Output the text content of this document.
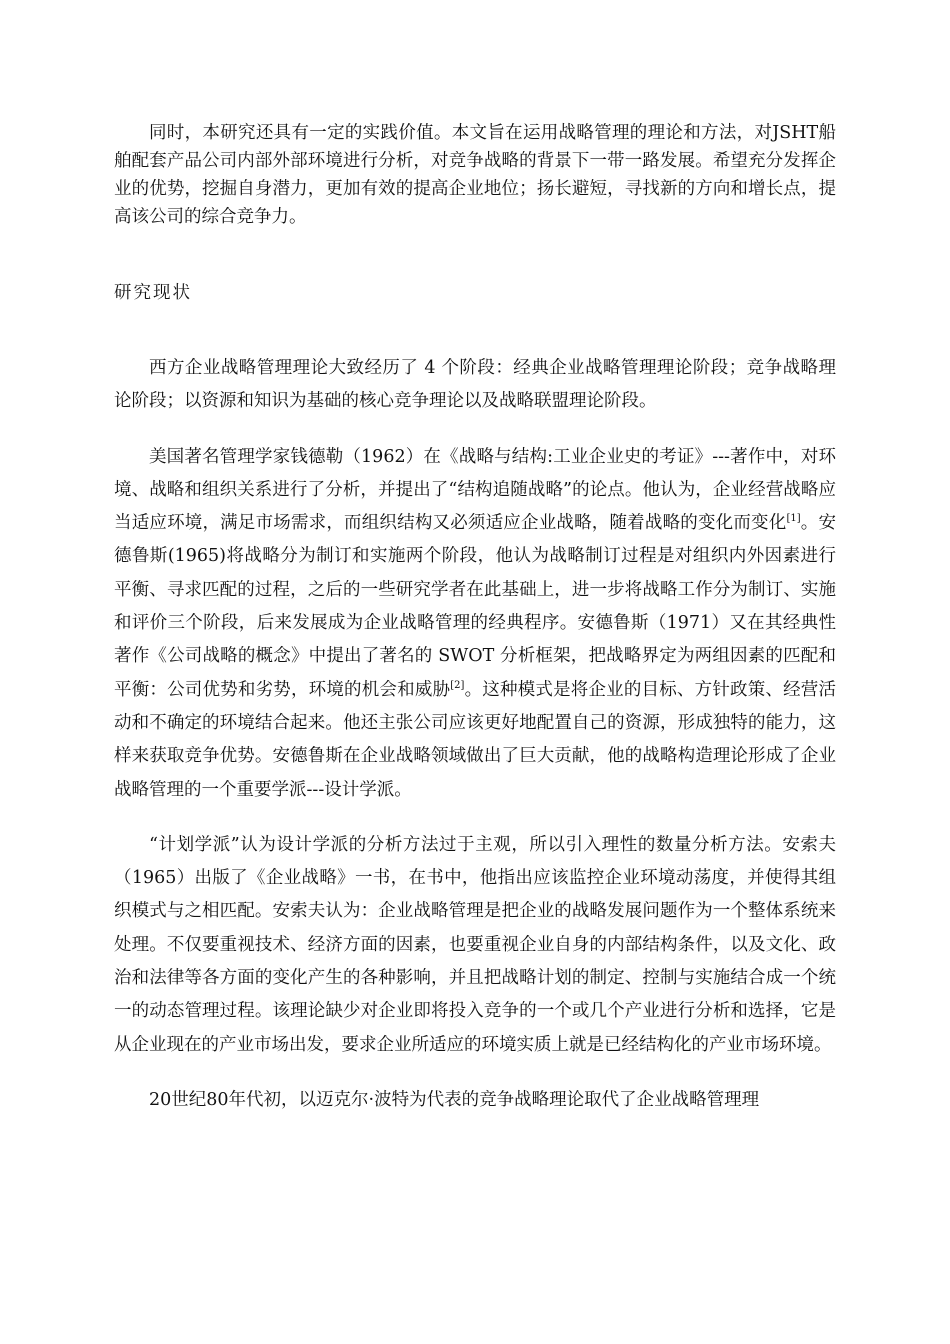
同时，本研究还具有一定的实践价值。本文旨在运用战略管理的理论和方法，对JSHT船舶配套产品公司内部外部环境进行分析，对竞争战略的背景下一带一路发展。希望充分发挥企业的优势，挖掘自身潜力，更加有效的提高企业地位；扬长避短，寻找新的方向和增长点，提高该公司的综合竞争力。

研究现状

西方企业战略管理理论大致经历了 4 个阶段：经典企业战略管理理论阶段；竞争战略理论阶段；以资源和知识为基础的核心竞争理论以及战略联盟理论阶段。

美国著名管理学家钱德勒（1962）在《战略与结构:工业企业史的考证》---著作中，对环境、战略和组织关系进行了分析，并提出了“结构追随战略”的论点。他认为，企业经营战略应当适应环境，满足市场需求，而组织结构又必须适应企业战略，随着战略的变化而变化[1]。安德鲁斯(1965)将战略分为制订和实施两个阶段，他认为战略制订过程是对组织内外因素进行平衡、寻求匹配的过程，之后的一些研究学者在此基础上，进一步将战略工作分为制订、实施和评价三个阶段，后来发展成为企业战略管理的经典程序。安德鲁斯（1971）又在其经典性著作《公司战略的概念》中提出了著名的 SWOT 分析框架，把战略界定为两组因素的匹配和平衡：公司优势和劣势，环境的机会和威胁[2]。这种模式是将企业的目标、方针政策、经营活动和不确定的环境结合起来。他还主张公司应该更好地配置自己的资源，形成独特的能力，这样来获取竞争优势。安德鲁斯在企业战略领域做出了巨大贡献，他的战略构造理论形成了企业战略管理的一个重要学派---设计学派。

“计划学派”认为设计学派的分析方法过于主观，所以引入理性的数量分析方法。安索夫（1965）出版了《企业战略》一书，在书中，他指出应该监控企业环境动荡度，并使得其组织模式与之相匹配。安索夫认为：企业战略管理是把企业的战略发展问题作为一个整体系统来处理。不仅要重视技术、经济方面的因素，也要重视企业自身的内部结构条件，以及文化、政治和法律等各方面的变化产生的各种影响，并且把战略计划的制定、控制与实施结合成一个统一的动态管理过程。该理论缺少对企业即将投入竞争的一个或几个产业进行分析和选择，它是从企业现在的产业市场出发，要求企业所适应的环境实质上就是已经结构化的产业市场环境。

20世纪80年代初，以迈克尔·波特为代表的竞争战略理论取代了企业战略管理理
